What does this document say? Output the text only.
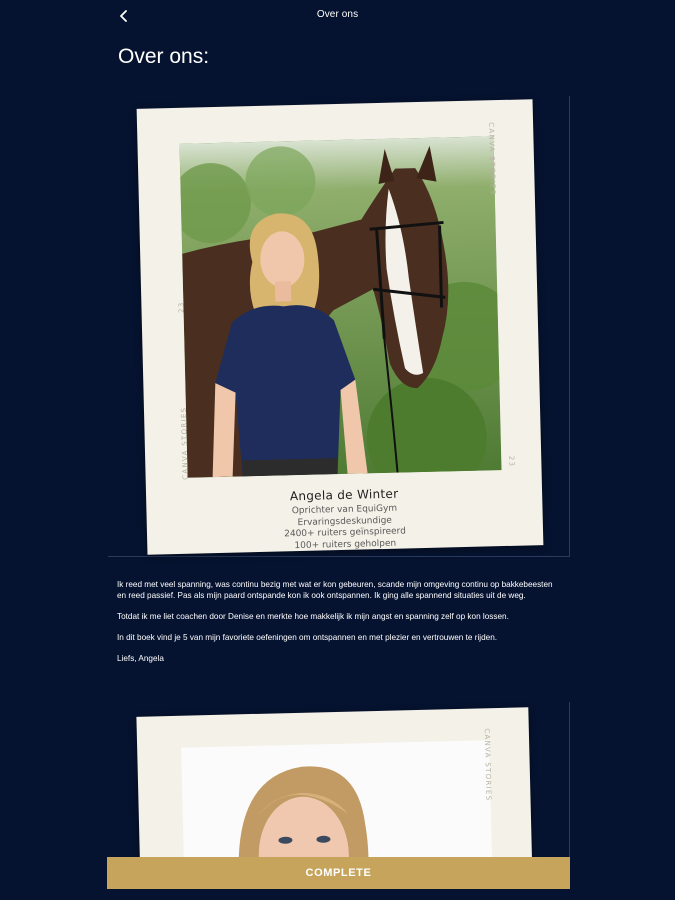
Over ons
Over ons:
CANVA STORIES
CANVA STORIES
23
23
Angela de Winter
Oprichter van EquiGym
Ervaringsdeskundige
2400+ ruiters geïnspireerd
100+ ruiters geholpen

Ik reed met veel spanning, was continu bezig met wat er kon gebeuren, scande mijn omgeving continu op bakkebeesten en reed passief. Pas als mijn paard ontspande kon ik ook ontspannen. Ik ging alle spannend situaties uit de weg.

Totdat ik me liet coachen door Denise en merkte hoe makkelijk ik mijn angst en spanning zelf op kon lossen.

In dit boek vind je 5 van mijn favoriete oefeningen om ontspannen en met plezier en vertrouwen te rijden.

Liefs, Angela

CANVA STORIES
COMPLETE
